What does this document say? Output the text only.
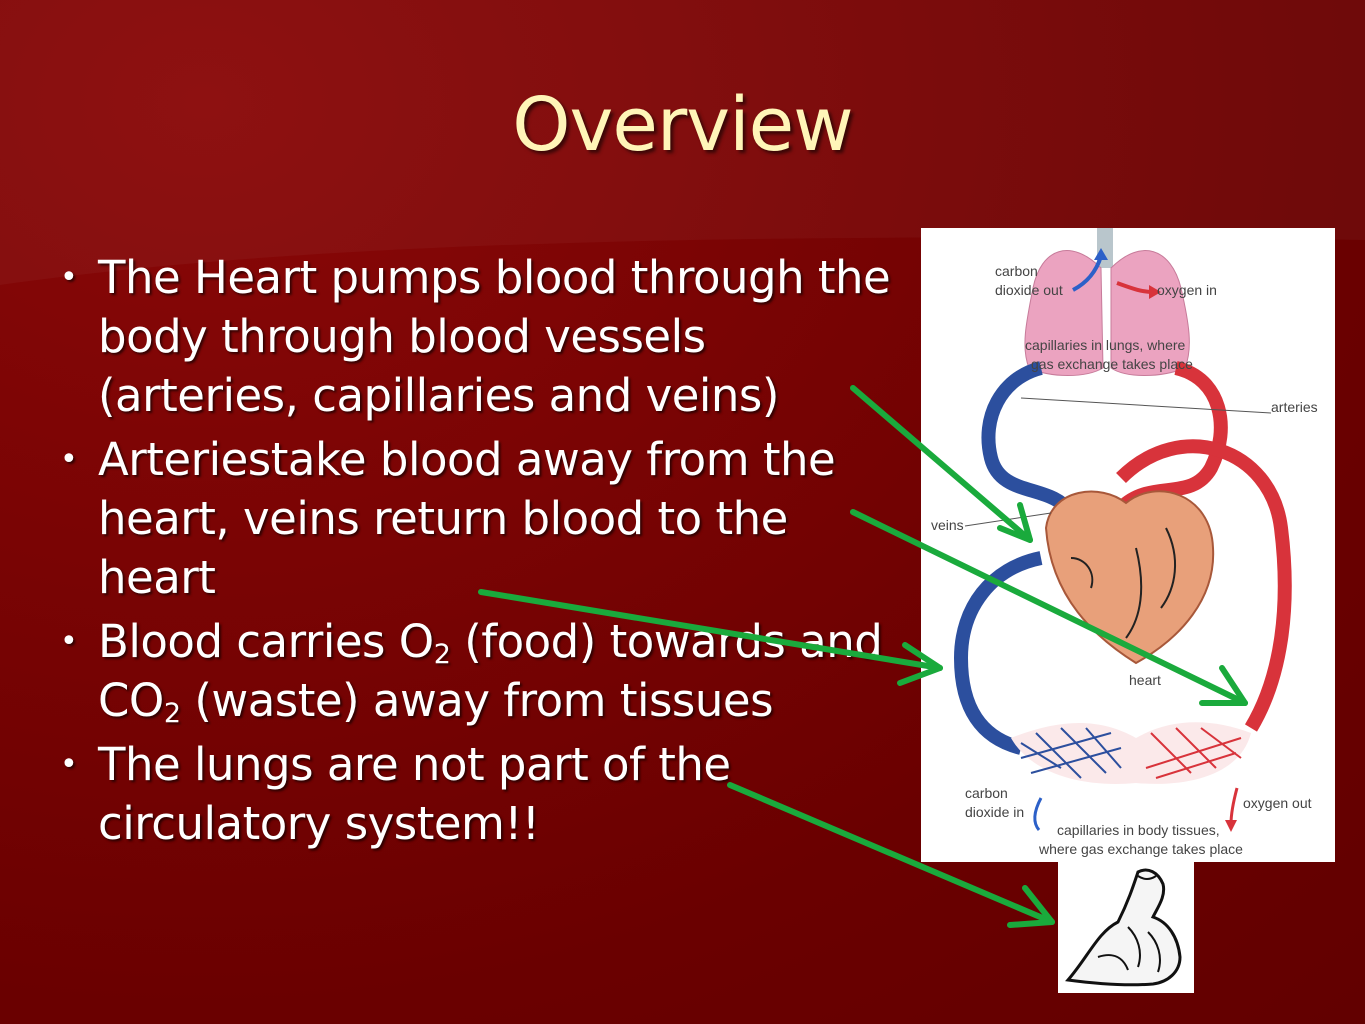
Overview
• The Heart pumps blood through the body through blood vessels (arteries, capillaries and veins)
• Arteriestake blood away from the heart, veins return blood to the heart
• Blood carries $O_2$ (food) towards and $CO_2$ (waste) away from tissues
• The lungs are not part of the circulatory system!!
carbon
dioxide out	oxygen in
capillaries in lungs, where
gas exchange takes place
arteries
veins
heart
carbon
dioxide in
oxygen out
capillaries in body tissues,
where gas exchange takes place
